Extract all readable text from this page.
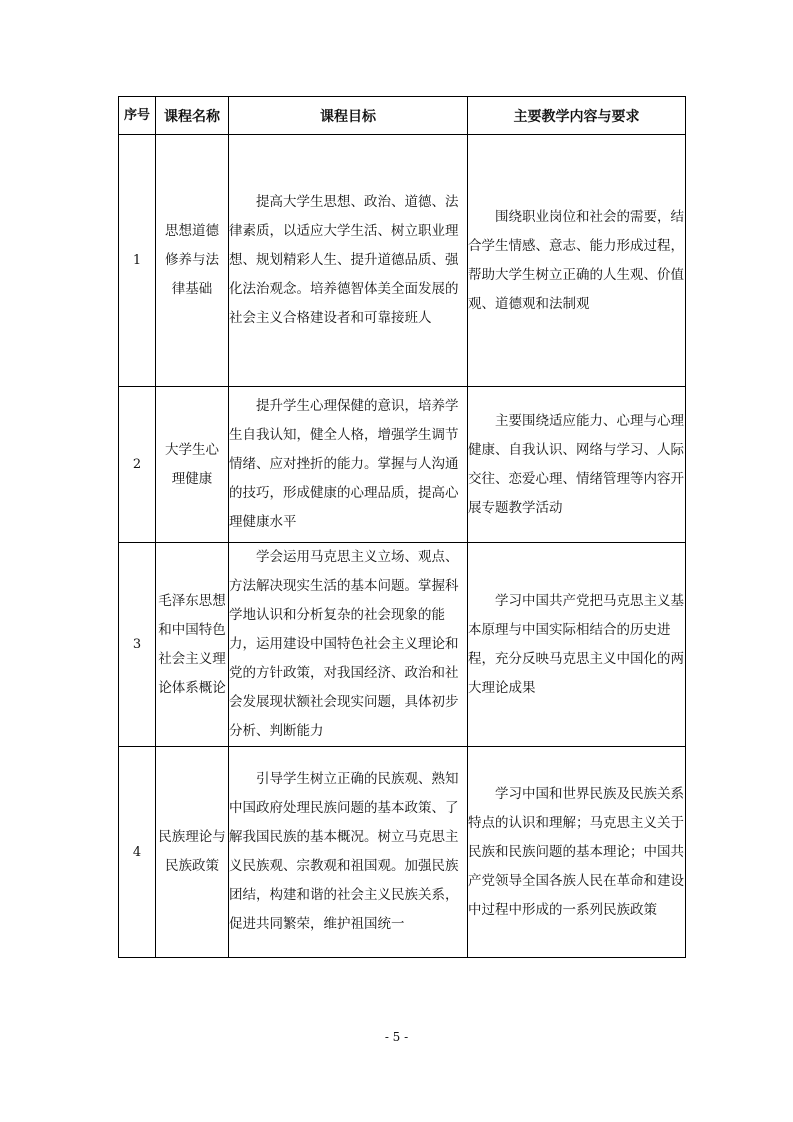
序号	课程名称	课程目标	主要教学内容与要求
1	思想道德修养与法律基础	提高大学生思想、政治、道德、法律素质，以适应大学生活、树立职业理想、规划精彩人生、提升道德品质、强化法治观念。培养德智体美全面发展的社会主义合格建设者和可靠接班人	围绕职业岗位和社会的需要，结合学生情感、意志、能力形成过程，帮助大学生树立正确的人生观、价值观、道德观和法制观

2	大学生心理健康	提升学生心理保健的意识，培养学生自我认知，健全人格，增强学生调节情绪、应对挫折的能力。掌握与人沟通的技巧，形成健康的心理品质，提高心理健康水平	主要围绕适应能力、心理与心理健康、自我认识、网络与学习、人际交往、恋爱心理、情绪管理等内容开展专题教学活动

3	毛泽东思想和中国特色社会主义理论体系概论	学会运用马克思主义立场、观点、方法解决现实生活的基本问题。掌握科学地认识和分析复杂的社会现象的能力，运用建设中国特色社会主义理论和党的方针政策，对我国经济、政治和社会发展现状额社会现实问题，具体初步分析、判断能力	学习中国共产党把马克思主义基本原理与中国实际相结合的历史进程，充分反映马克思主义中国化的两大理论成果

4	民族理论与民族政策	引导学生树立正确的民族观、熟知中国政府处理民族问题的基本政策、了解我国民族的基本概况。树立马克思主义民族观、宗教观和祖国观。加强民族团结，构建和谐的社会主义民族关系，促进共同繁荣，维护祖国统一	学习中国和世界民族及民族关系特点的认识和理解；马克思主义关于民族和民族问题的基本理论；中国共产党领导全国各族人民在革命和建设中过程中形成的一系列民族政策
- 5 -
